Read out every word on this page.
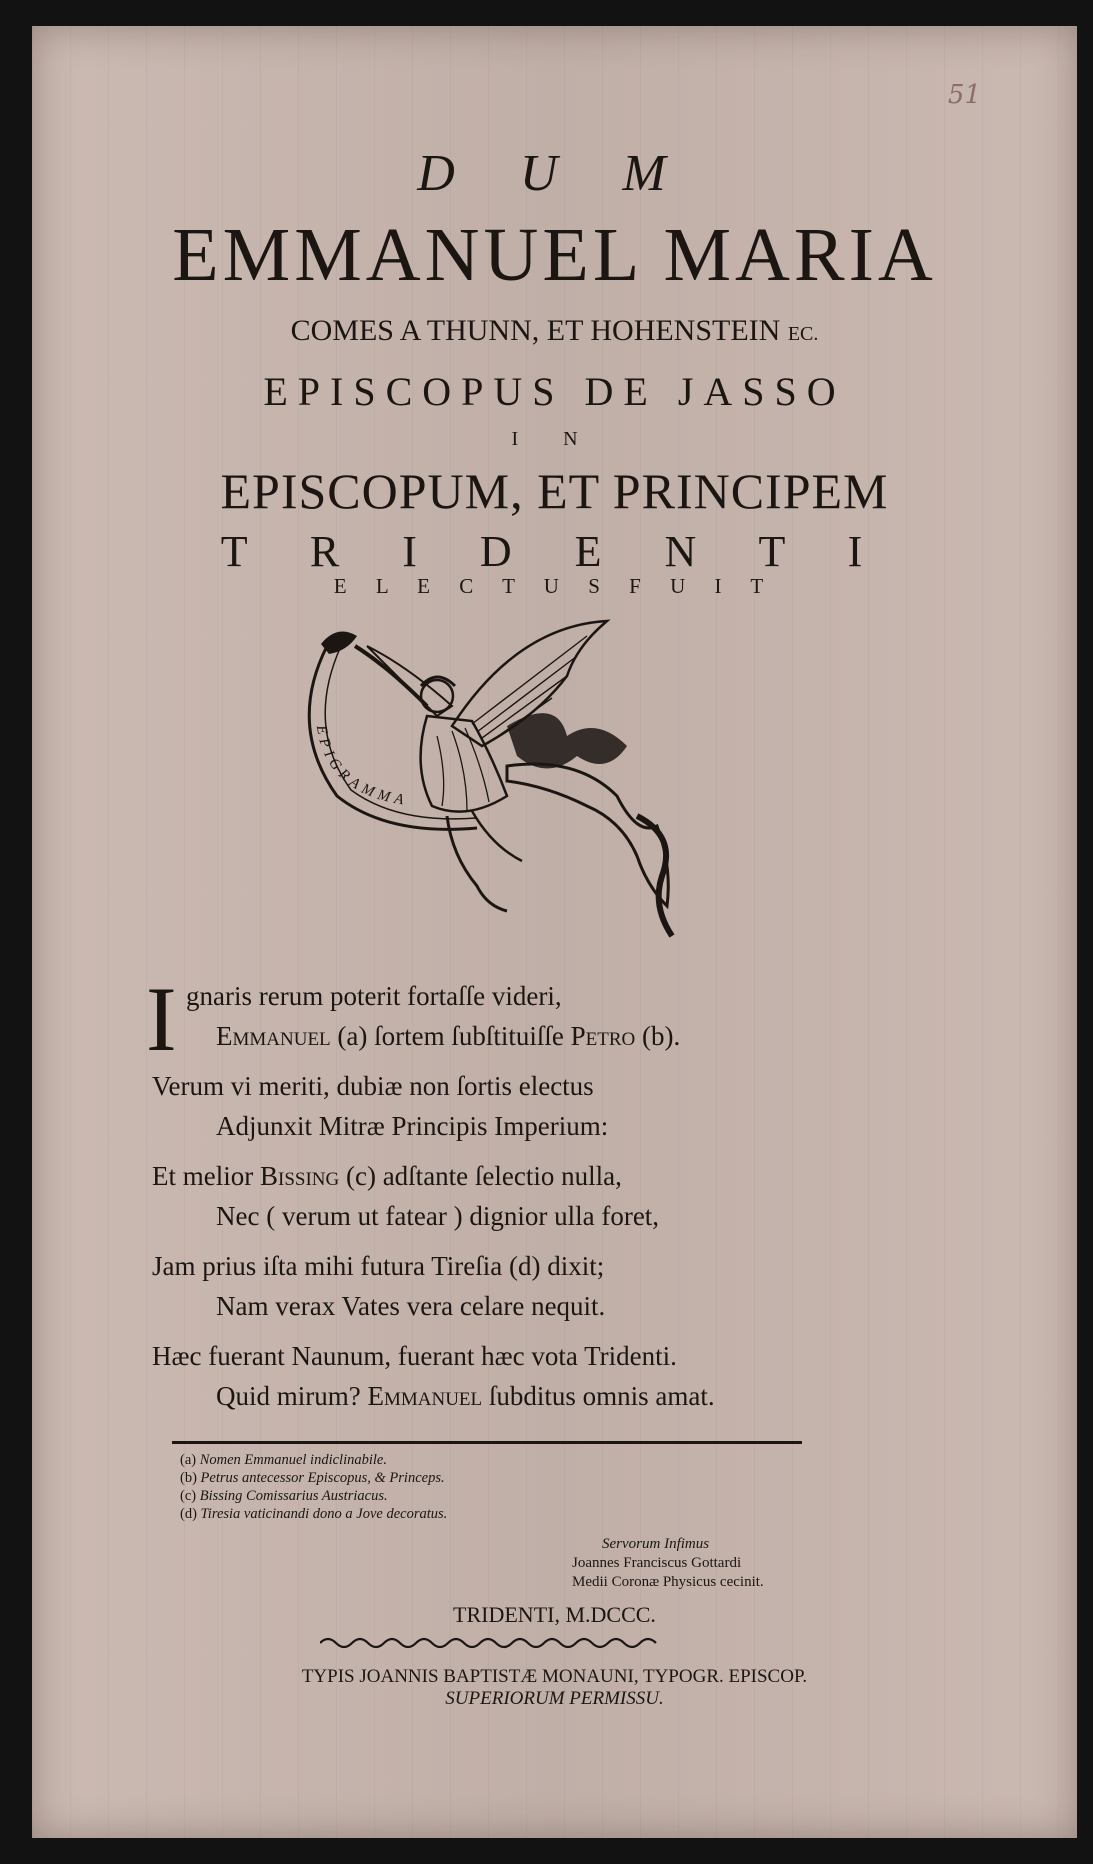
51
D U M
EMMANUEL MARIA
COMES A THUNN, ET HOHENSTEIN EC.
EPISCOPUS DE JASSO
I N
EPISCOPUM, ET PRINCIPEM
T R I D E N T I
E L E C T U S F U I T
EPIGRAMMA
I gnaris rerum poterit fortaſſe videri,
Emmanuel (a) ſortem ſubſtituiſſe Petro (b).
Verum vi meriti, dubiæ non ſortis electus
Adjunxit Mitræ Principis Imperium:
Et melior Bissing (c) adſtante ſelectio nulla,
Nec ( verum ut fatear ) dignior ulla foret,
Jam prius iſta mihi futura Tireſia (d) dixit;
Nam verax Vates vera celare nequit.
Hæc fuerant Naunum, fuerant hæc vota Tridenti.
Quid mirum? Emmanuel ſubditus omnis amat.
(a) Nomen Emmanuel indiclinabile.
(b) Petrus antecessor Episcopus, & Princeps.
(c) Bissing Comissarius Austriacus.
(d) Tiresia vaticinandi dono a Jove decoratus.
Servorum Infimus
Joannes Franciscus Gottardi
Medii Coronæ Physicus cecinit.
TRIDENTI, M.DCCC.
TYPIS JOANNIS BAPTISTÆ MONAUNI, TYPOGR. EPISCOP.
SUPERIORUM PERMISSU.
